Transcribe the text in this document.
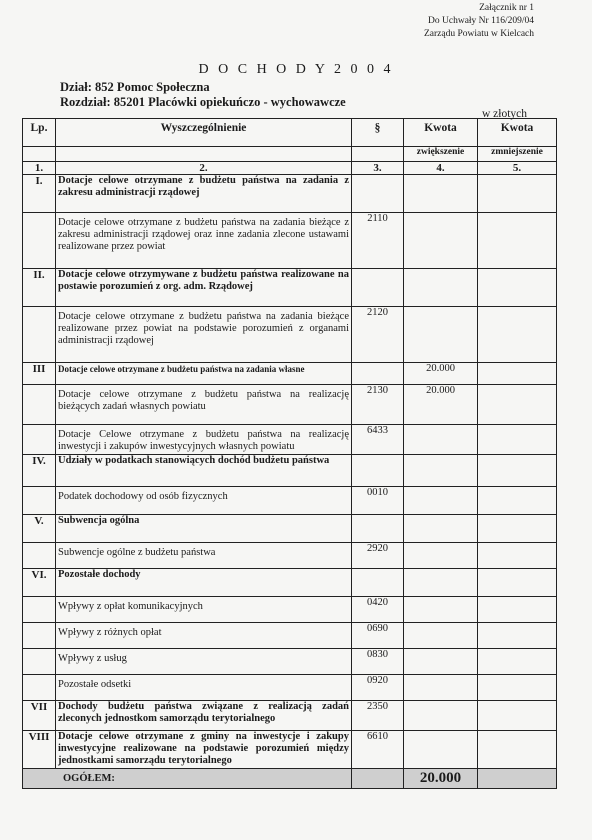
Załącznik nr 1
Do Uchwały Nr 116/209/04
Zarządu Powiatu w Kielcach
D O C H O D Y 2 0 0 4
Dział: 852 Pomoc Społeczna
Rozdział: 85201 Placówki opiekuńczo - wychowawcze
w złotych
Lp.	Wyszczególnienie	§	Kwota	Kwota
			zwiększenie	zmniejszenie
1.	2.	3.	4.	5.
I.	Dotacje celowe otrzymane z budżetu państwa na zadania z zakresu administracji rządowej			
	Dotacje celowe otrzymane z budżetu państwa na zadania bieżące z zakresu administracji rządowej oraz inne zadania zlecone ustawami realizowane przez powiat	2110		
II.	Dotacje celowe otrzymywane z budżetu państwa realizowane na postawie porozumień z org. adm. Rządowej			
	Dotacje celowe otrzymane z budżetu państwa na zadania bieżące realizowane przez powiat na podstawie porozumień z organami administracji rządowej	2120		
III	Dotacje celowe otrzymane z budżetu państwa na zadania własne		20.000	
	Dotacje celowe otrzymane z budżetu państwa na realizację bieżących zadań własnych powiatu	2130	20.000	
	Dotacje Celowe otrzymane z budżetu państwa na realizację inwestycji i zakupów inwestycyjnych własnych powiatu	6433		
IV.	Udziały w podatkach stanowiących dochód budżetu państwa			
	Podatek dochodowy od osób fizycznych	0010		
V.	Subwencja ogólna			
	Subwencje ogólne z budżetu państwa	2920		
VI.	Pozostałe dochody			
	Wpływy z opłat komunikacyjnych	0420		
	Wpływy z różnych opłat	0690		
	Wpływy z usług	0830		
	Pozostałe odsetki	0920		
VII	Dochody budżetu państwa związane z realizacją zadań zleconych jednostkom samorządu terytorialnego	2350		
VIII	Dotacje celowe otrzymane z gminy na inwestycje i zakupy inwestycyjne realizowane na podstawie porozumień między jednostkami samorządu terytorialnego	6610		
OGÓŁEM:			20.000	
